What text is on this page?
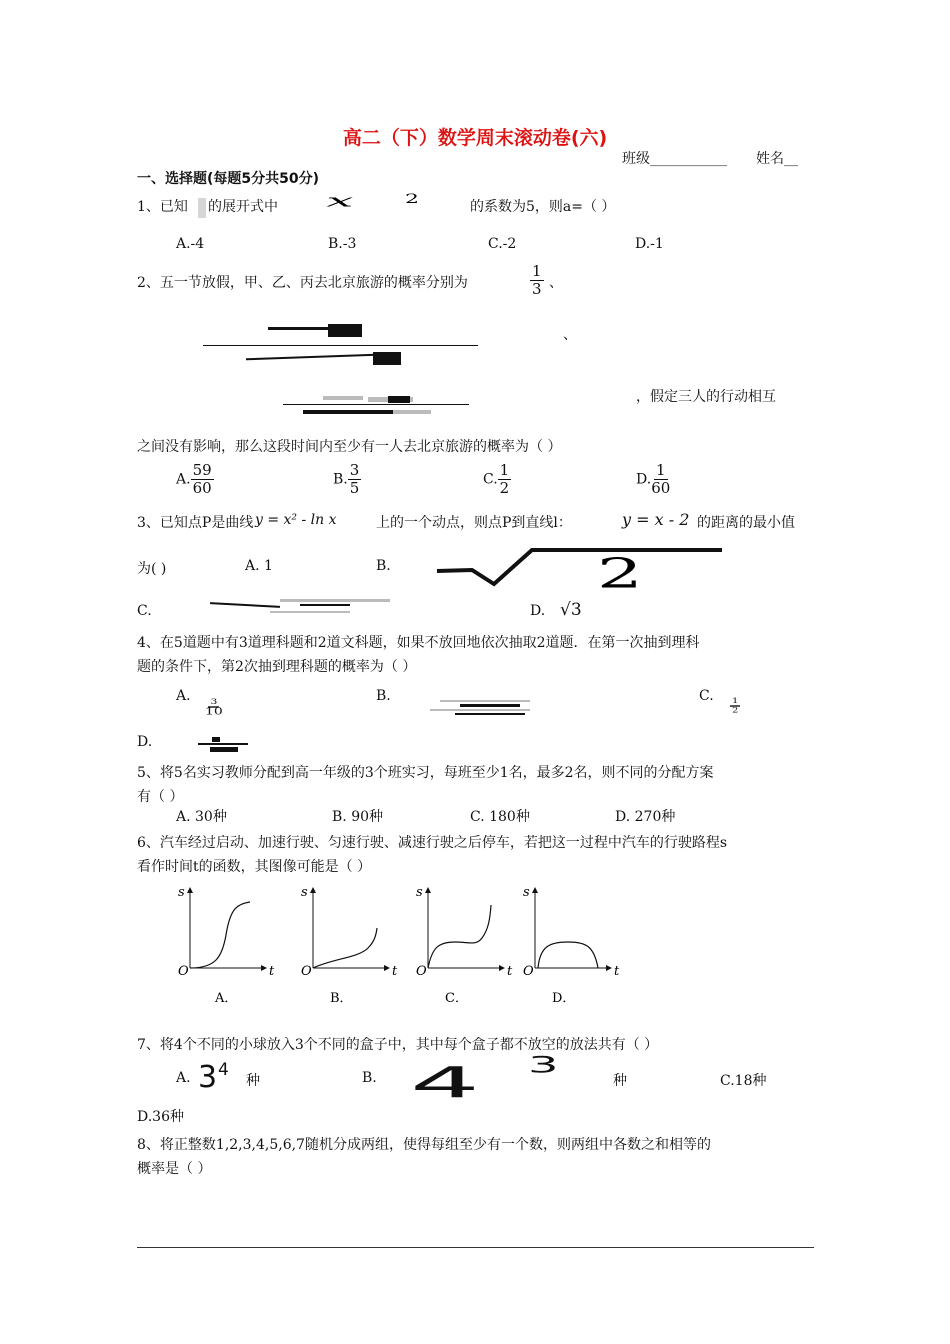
高二（下）数学周末滚动卷(六)
班级___________ 姓名__
一、选择题(每题5分共50分)
1、已知 的展开式中 x 2
的系数为5，则a=（ ）
A.-4	B.-3	C.-2	D.-1
2、五一节放假，甲、乙、丙去北京旅游的概率分别为	$\frac{1}{3}$ 、
、
，假定三人的行动相互
之间没有影响，那么这段时间内至少有一人去北京旅游的概率为（ ）
A. $\frac{59}{60}$	B. $\frac{3}{5}$	C. $\frac{1}{2}$	D. $\frac{1}{60}$
3、已知点P是曲线 y = x² - ln x	上的一个动点，则点P到直线l：	y = x - 2 的距离的最小值
为( )	A. 1	B.	2
C.	D. √3
4、在5道题中有3道理科题和2道文科题，如果不放回地依次抽取2道题．在第一次抽到理科
题的条件下，第2次抽到理科题的概率为（ ）
A. 3
10
B.	C.
$\frac{1}{2}$
D.
5、将5名实习教师分配到高一年级的3个班实习，每班至少1名，最多2名，则不同的分配方案
有（ ）
A. 30种	B. 90种	C. 180种	D. 270种
6、汽车经过启动、加速行驶、匀速行驶、减速行驶之后停车，若把这一过程中汽车的行驶路程s
看作时间t的函数，其图像可能是（ ）
s
O	t
A．
s
O	t
B．
s
O	t
C．
s
O	t
D．
7、将4个不同的小球放入3个不同的盒子中，其中每个盒子都不放空的放法共有（ ）
A. 3 4
种	B. 4 3
种	C.18种
D.36种
8、将正整数1,2,3,4,5,6,7随机分成两组，使得每组至少有一个数，则两组中各数之和相等的
概率是（ ）
